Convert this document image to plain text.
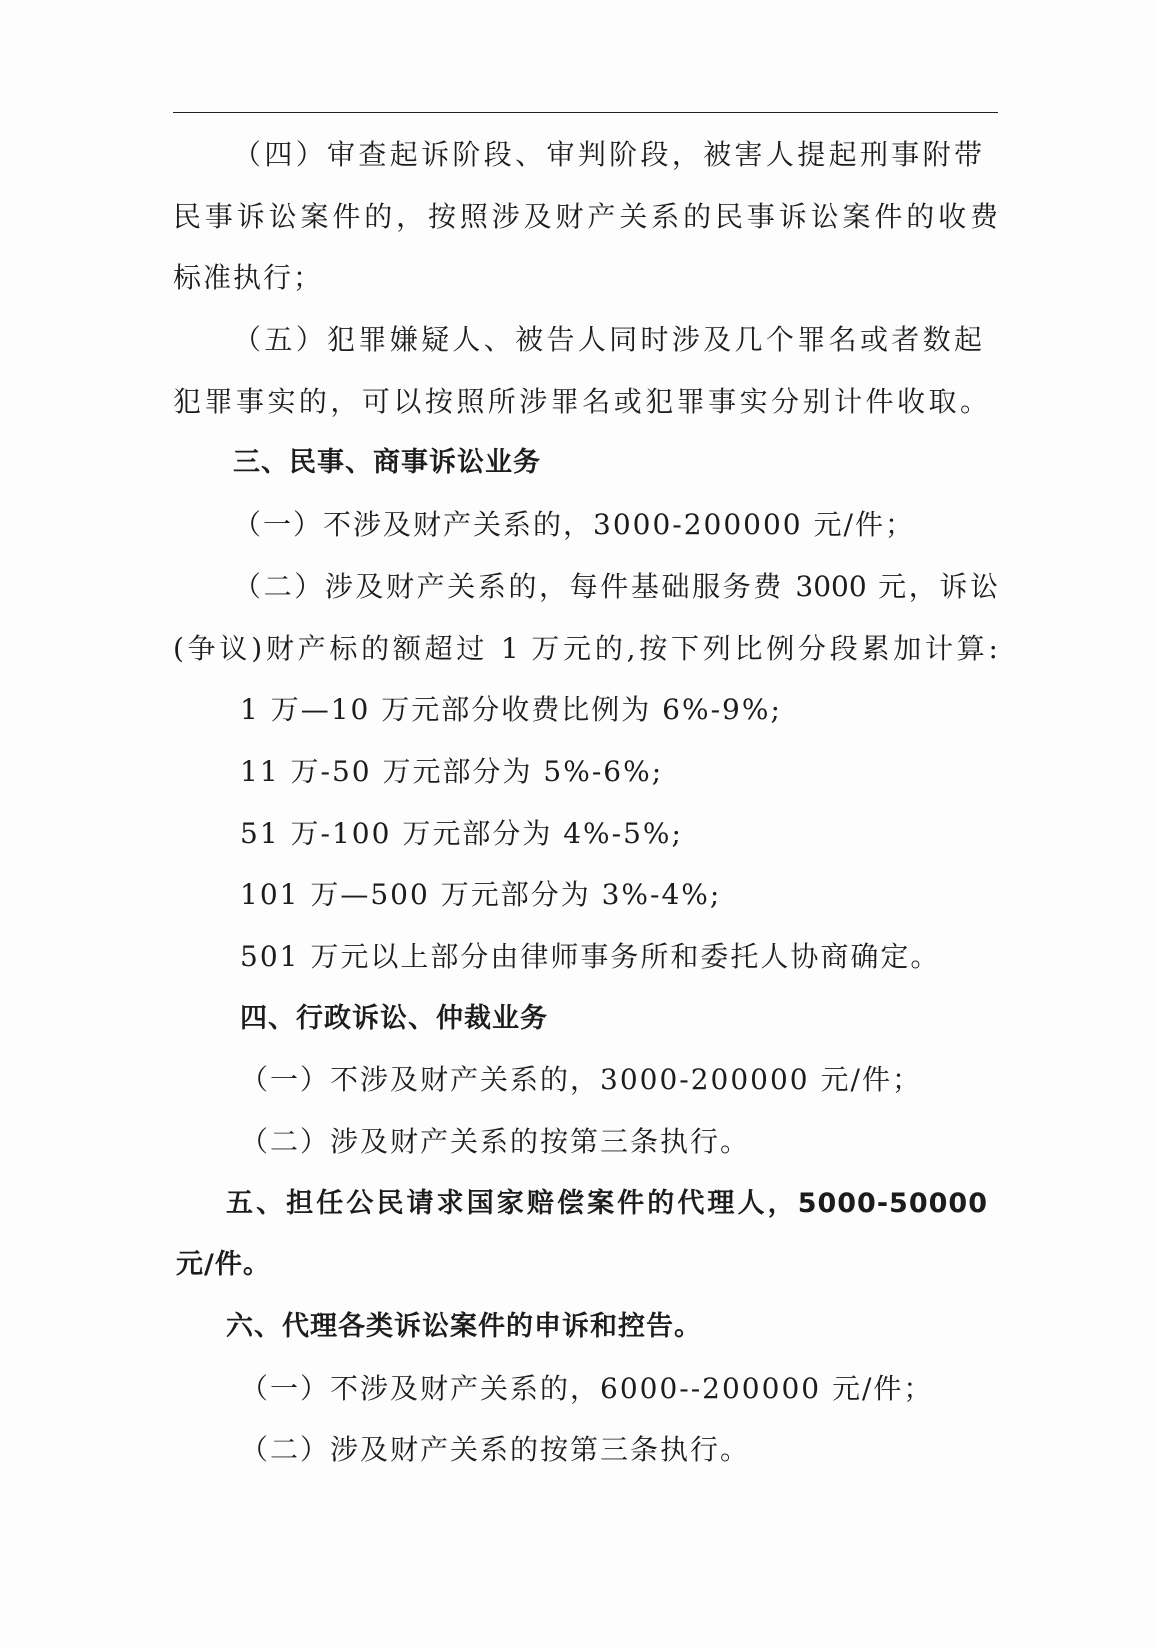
（四）审查起诉阶段、审判阶段，被害人提起刑事附带
民事诉讼案件的，按照涉及财产关系的民事诉讼案件的收费
标准执行；
（五）犯罪嫌疑人、被告人同时涉及几个罪名或者数起
犯罪事实的，可以按照所涉罪名或犯罪事实分别计件收取。
三、民事、商事诉讼业务
（一）不涉及财产关系的，3000-200000 元/件；
（二）涉及财产关系的，每件基础服务费 3000 元，诉讼
(争议)财产标的额超过 1 万元的,按下列比例分段累加计算:
1 万—10 万元部分收费比例为 6%-9%;
11 万-50 万元部分为 5%-6%;
51 万-100 万元部分为 4%-5%;
101 万—500 万元部分为 3%-4%;
501 万元以上部分由律师事务所和委托人协商确定。
四、行政诉讼、仲裁业务
（一）不涉及财产关系的，3000-200000 元/件；
（二）涉及财产关系的按第三条执行。
五、担任公民请求国家赔偿案件的代理人，5000-50000
元/件。
六、代理各类诉讼案件的申诉和控告。
（一）不涉及财产关系的，6000--200000 元/件；
（二）涉及财产关系的按第三条执行。
